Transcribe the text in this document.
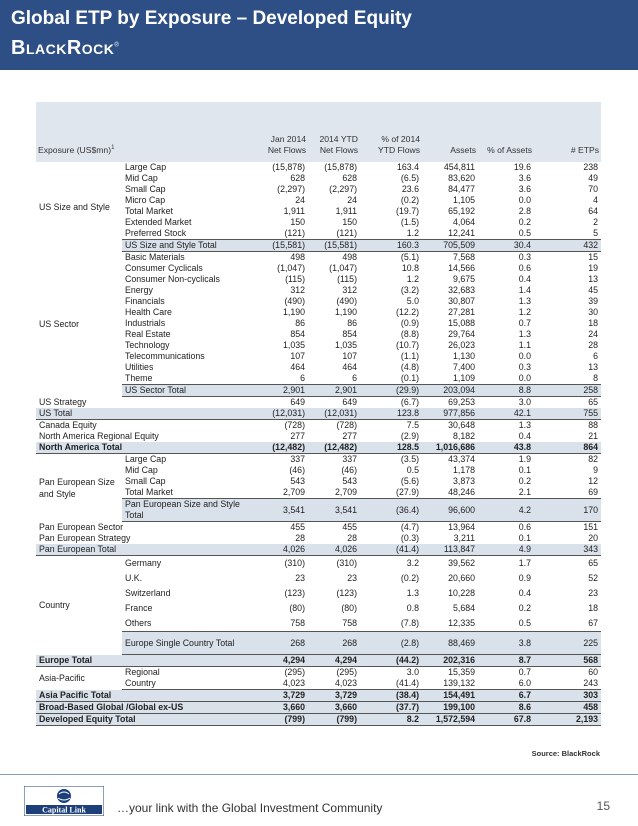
Global ETP by Exposure – Developed Equity
BlackRock®
Exposure (US$mn)$^1$		Jan 2014 Net Flows	2014 YTD Net Flows	% of 2014 YTD Flows	Assets	% of Assets	# ETPs
US Size and Style	Large Cap	(15,878)	(15,878)	163.4	454,811	19.6	238
	Mid Cap	628	628	(6.5)	83,620	3.6	49
	Small Cap	(2,297)	(2,297)	23.6	84,477	3.6	70
	Micro Cap	24	24	(0.2)	1,105	0.0	4
	Total Market	1,911	1,911	(19.7)	65,192	2.8	64
	Extended Market	150	150	(1.5)	4,064	0.2	2
	Preferred Stock	(121)	(121)	1.2	12,241	0.5	5
	US Size and Style Total	(15,581)	(15,581)	160.3	705,509	30.4	432
US Sector	Basic Materials	498	498	(5.1)	7,568	0.3	15
	Consumer Cyclicals	(1,047)	(1,047)	10.8	14,566	0.6	19
	Consumer Non-cyclicals	(115)	(115)	1.2	9,675	0.4	13
	Energy	312	312	(3.2)	32,683	1.4	45
	Financials	(490)	(490)	5.0	30,807	1.3	39
	Health Care	1,190	1,190	(12.2)	27,281	1.2	30
	Industrials	86	86	(0.9)	15,088	0.7	18
	Real Estate	854	854	(8.8)	29,764	1.3	24
	Technology	1,035	1,035	(10.7)	26,023	1.1	28
	Telecommunications	107	107	(1.1)	1,130	0.0	6
	Utilities	464	464	(4.8)	7,400	0.3	13
	Theme	6	6	(0.1)	1,109	0.0	8
	US Sector Total	2,901	2,901	(29.9)	203,094	8.8	258
US Strategy		649	649	(6.7)	69,253	3.0	65
US Total		(12,031)	(12,031)	123.8	977,856	42.1	755
Canada Equity		(728)	(728)	7.5	30,648	1.3	88
North America Regional Equity		277	277	(2.9)	8,182	0.4	21
North America Total		(12,482)	(12,482)	128.5	1,016,686	43.8	864
Pan European Size and Style	Large Cap	337	337	(3.5)	43,374	1.9	82
	Mid Cap	(46)	(46)	0.5	1,178	0.1	9
	Small Cap	543	543	(5.6)	3,873	0.2	12
	Total Market	2,709	2,709	(27.9)	48,246	2.1	69
	Pan European Size and Style Total	3,541	3,541	(36.4)	96,600	4.2	170
Pan European Sector		455	455	(4.7)	13,964	0.6	151
Pan European Strategy		28	28	(0.3)	3,211	0.1	20
Pan European Total		4,026	4,026	(41.4)	113,847	4.9	343
Country	Germany	(310)	(310)	3.2	39,562	1.7	65
	U.K.	23	23	(0.2)	20,660	0.9	52
	Switzerland	(123)	(123)	1.3	10,228	0.4	23
	France	(80)	(80)	0.8	5,684	0.2	18
	Others	758	758	(7.8)	12,335	0.5	67
	Europe Single Country Total	268	268	(2.8)	88,469	3.8	225
Europe Total		4,294	4,294	(44.2)	202,316	8.7	568
Asia-Pacific	Regional	(295)	(295)	3.0	15,359	0.7	60
	Country	4,023	4,023	(41.4)	139,132	6.0	243
Asia Pacific Total		3,729	3,729	(38.4)	154,491	6.7	303
Broad-Based Global /Global ex-US		3,660	3,660	(37.7)	199,100	8.6	458
Developed Equity Total		(799)	(799)	8.2	1,572,594	67.8	2,193
Source: BlackRock
Capital Link	…your link with the Global Investment Community	15
